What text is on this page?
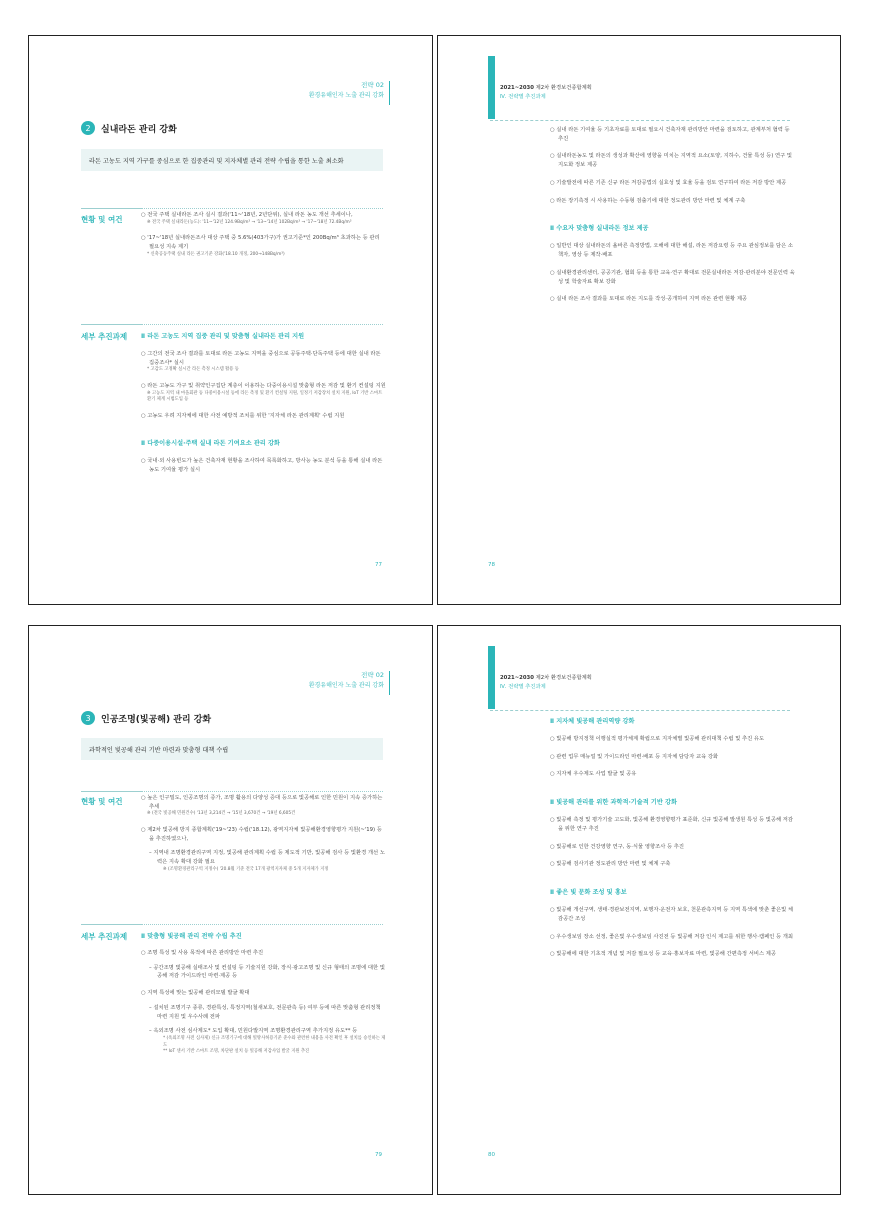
전략 02
환경유해인자 노출 관리 강화
2	실내라돈 관리 강화
라돈 고농도 지역 가구를 중심으로 한 집중관리 및 지자체별 관리 전략 수립을 통한 노출 최소화
현황 및 여건	○ 전국 주택 실내라돈 조사 실시 결과('11~'18년, 2년단위), 실내 라돈 농도 개선 추세이나,
※ 전국 주택 실내라돈(농도): '11~'12년 124.9Bq/m³ → '13~'14년 102Bq/m³ → '17~'18년 72.4Bq/m³
○ '17~'18년 실내라돈조사 대상 주택 중 5.6%(403가구)가 권고기준*인 200Bq/m³ 초과하는 등 관리 필요성 지속 제기
* 신축공동주택 실내 라돈 권고기준 강화('18.10 개정, 200→148Bq/m³)
세부 추진과제 Ⅱ 라돈 고농도 지역 집중 관리 및 맞춤형 실내라돈 관리 지원
○ 그간의 전국 조사 결과를 토대로 라돈 고농도 지역을 중심으로 공동주택·단독주택 등에 대한 실내 라돈 집중조사* 실시
* 고감도 고정확 실시간 라돈 측정 시스템 활용 등
○ 라돈 고농도 가구 및 취약인구집단 계층이 이용하는 다중이용시설 맞춤형 라돈 저감 및 환기 컨설팅 지원
※ 고농도 지역 내 마을회관 등 다중이용시설 등에 라돈 측정 및 환기 컨설팅 지원, 일정기 저감장치 설치 지원, IoT 기반 스마트환기 체계 시범도입 등
○ 고농도 우려 지자체에 대한 사전 예방적 조치를 위한 '지자체 라돈 관리계획' 수립 지원
Ⅱ 다중이용시설·주택 실내 라돈 기여요소 관리 강화
○ 국내·외 사용빈도가 높은 건축자재 현황을 조사하여 목록화하고, 방사능 농도 분석 등을 통해 실내 라돈 농도 기여율 평가 실시
77
2021~2030 제2차 환경보건종합계획
Ⅳ. 전략별 추진과제
○ 실내 라돈 기여율 등 기초자료를 토대로 필요시 건축자재 관리방안 마련을 검토하고, 관계부처 협력 등 추진
○ 실내라돈농도 및 라돈의 생성과 확산에 영향을 미치는 지역적 요소(토양, 지하수, 건물 특성 등) 연구 및 지도화 정보 제공
○ 기술발전에 따른 기존 신규 라돈 저감공법의 실효성 및 효율 등을 검토 연구하여 라돈 저감 방안 제공
○ 라돈 장기측정 시 사용하는 수동형 검출기에 대한 정도관리 방안 마련 및 체계 구축
Ⅱ 수요자 맞춤형 실내라돈 정보 제공
○ 일반인 대상 실내라돈의 올바른 측정방법, 오해에 대한 해설, 라돈 저감요령 등 주요 관심정보를 담은 소책자, 영상 등 제작·배포
○ 실내환경관리센터, 공공기관, 협회 등을 통한 교육·연구 확대로 전문실내라돈 저감·관리분야 전문인력 육성 및 학술자료 확보 강화
○ 실내 라돈 조사 결과를 토대로 라돈 지도를 작성·공개하여 지역 라돈 관련 현황 제공
78
전략 02
환경유해인자 노출 관리 강화
3	인공조명(빛공해) 관리 강화
과학적인 빛공해 관리 기반 마련과 맞춤형 대책 수립
현황 및 여건	○ 높은 인구밀도, 인공조명의 증가, 조명 활용의 다양성 증대 등으로 빛공해로 인한 민원이 지속 증가하는 추세
※ (전국 빛공해 민원건수) '13년 3,214건 → '15년 3,670건 → '19년 6,605건
○ 제2차 빛공해 방지 종합계획('19~'23) 수립('18.12), 광역지자체 빛공해환경영향평가 지원(~'19) 등을 추진하였으나,
– 지역내 조명환경관리구역 지정, 빛공해 관리계획 수립 등 제도적 기반, 빛공해 검사 등 빛환경 개선 노력은 지속 확대 강화 필요
※ (조명환경관리구역 지정수) '20.8월 기준 전국 17개 광역지자체 중 5개 지자체가 지정
세부 추진과제 Ⅱ 맞춤형 빛공해 관리 전략 수립 추진
○ 조명 특성 및 사용 목적에 따른 관리방안 마련 추진
– 공간조명 빛공해 실태조사 및 컨설팅 등 기술지원 강화, 장식·광고조명 및 신규 형태의 조명에 대한 빛공해 저감 가이드라인 마련·제공 등
○ 지역 특성에 맞는 빛공해 관리모델 발굴 확대
– 설치된 조명기구 종류, 경관특성, 특정지역(철새보호, 전문관측 등) 여부 등에 따른 맞춤형 관리정책 마련 지원 및 우수사례 전파
– 옥외조명 사전 심사제도* 도입 확대, 민원다발지역 조명환경관리구역 추가지정 유도** 등
* (옥외조명 사전 심사제) 신규 조명기구에 대해 빛방사허용기준 준수와 관련한 내용을 사전 확인 후 설치를 승인하는 제도
** IoT 센서 기반 스마트 조명, 차단판 설치 등 빛공해 저감사업 발굴 지원 추진
79
2021~2030 제2차 환경보건종합계획
Ⅳ. 전략별 추진과제
Ⅱ 지자체 빛공해 관리역량 강화
○ 빛공해 방지정책 이행실적 평가체계 확립으로 지자체별 빛공해 관리대책 수립 및 추진 유도
○ 관련 업무 매뉴얼 및 가이드라인 마련·배포 등 지자체 담당자 교육 강화
○ 지자체 우수제도 사업 발굴 및 공유
Ⅱ 빛공해 관리를 위한 과학적·기술적 기반 강화
○ 빛공해 측정 및 평가기술 고도화, 빛공해 환경영향평가 표준화, 신규 빛공해 발생원 특성 등 빛공해 저감을 위한 연구 추진
○ 빛공해로 인한 건강영향 연구, 동·식물 영향조사 등 추진
○ 빛공해 검사기관 정도관리 방안 마련 및 체계 구축
Ⅱ 좋은 빛 문화 조성 및 홍보
○ 빛공해 개선구역, 생태·경관보전지역, 보행자·운전자 보호, 천문관측지역 등 지역 특색에 맞춘 좋은빛 체감공간 조성
○ 우수생보임 장소 선정, 좋은빛 우수생보임 사진전 등 빛공해 저감 인식 제고를 위한 행사·캠페인 등 개최
○ 빛공해에 대한 기초적 개념 및 저감 필요성 등 교육·홍보자료 마련, 빛공해 간편측정 서비스 제공
80
